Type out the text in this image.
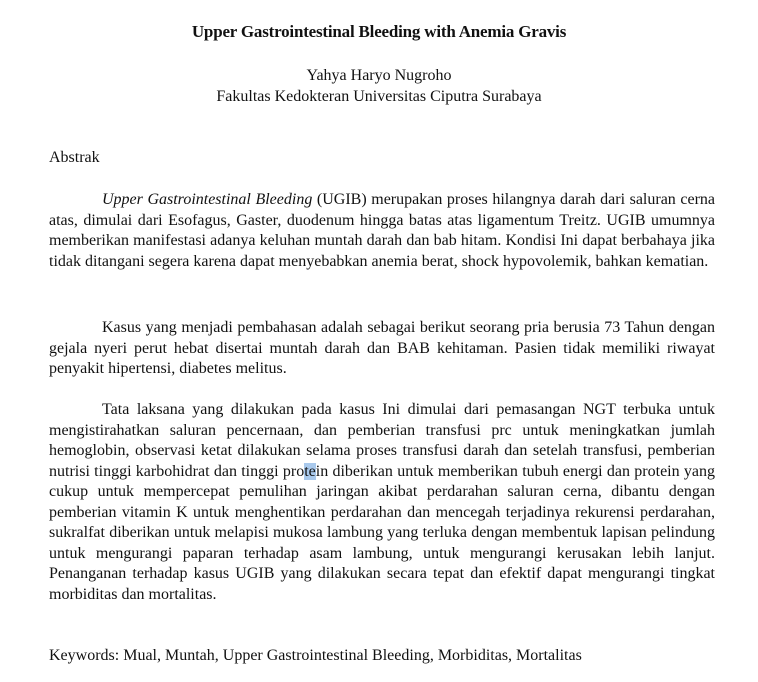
Upper Gastrointestinal Bleeding with Anemia Gravis
Yahya Haryo Nugroho
Fakultas Kedokteran Universitas Ciputra Surabaya
Abstrak

Upper Gastrointestinal Bleeding (UGIB) merupakan proses hilangnya darah dari saluran cerna atas, dimulai dari Esofagus, Gaster, duodenum hingga batas atas ligamentum Treitz. UGIB umumnya memberikan manifestasi adanya keluhan muntah darah dan bab hitam. Kondisi Ini dapat berbahaya jika tidak ditangani segera karena dapat menyebabkan anemia berat, shock hypovolemik, bahkan kematian.

Kasus yang menjadi pembahasan adalah sebagai berikut seorang pria berusia 73 Tahun dengan gejala nyeri perut hebat disertai muntah darah dan BAB kehitaman. Pasien tidak memiliki riwayat penyakit hipertensi, diabetes melitus.

Tata laksana yang dilakukan pada kasus Ini dimulai dari pemasangan NGT terbuka untuk mengistirahatkan saluran pencernaan, dan pemberian transfusi prc untuk meningkatkan jumlah hemoglobin, observasi ketat dilakukan selama proses transfusi darah dan setelah transfusi, pemberian nutrisi tinggi karbohidrat dan tinggi protein diberikan untuk memberikan tubuh energi dan protein yang cukup untuk mempercepat pemulihan jaringan akibat perdarahan saluran cerna, dibantu dengan pemberian vitamin K untuk menghentikan perdarahan dan mencegah terjadinya rekurensi perdarahan, sukralfat diberikan untuk melapisi mukosa lambung yang terluka dengan membentuk lapisan pelindung untuk mengurangi paparan terhadap asam lambung, untuk mengurangi kerusakan lebih lanjut. Penanganan terhadap kasus UGIB yang dilakukan secara tepat dan efektif dapat mengurangi tingkat morbiditas dan mortalitas.

Keywords: Mual, Muntah, Upper Gastrointestinal Bleeding, Morbiditas, Mortalitas
